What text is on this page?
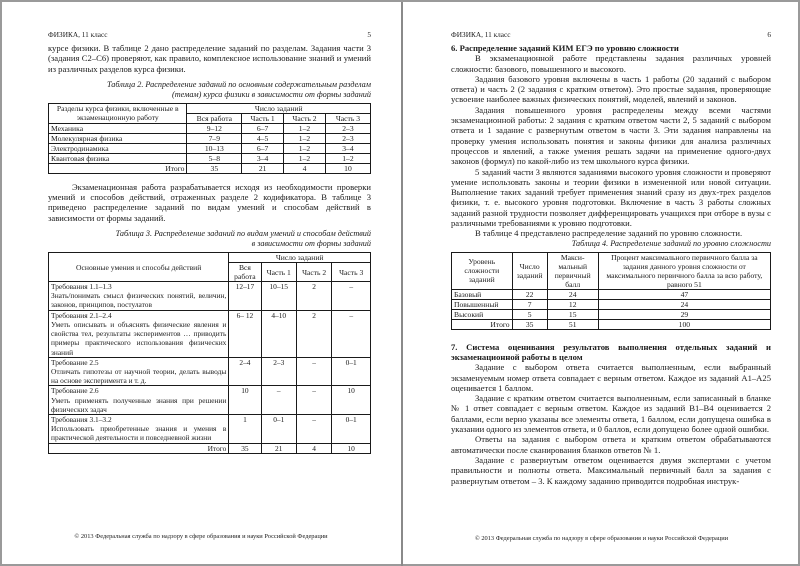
ФИЗИКА, 11 класс	5

курсе физики. В таблице 2 дано распределение заданий по разделам. Задания части 3 (задания С2–С6) проверяют, как правило, комплексное использование знаний и умений из различных разделов курса физики.

Таблица 2. Распределение заданий по основным содержательным разделам
(темам) курса физики в зависимости от формы заданий
Разделы курса физики, включенные в экзаменационную работу	Число заданий			
	Вся работа	Часть 1	Часть 2	Часть 3
Механика	9–12	6–7	1–2	2–3
Молекулярная физика	7–9	4–5	1–2	2–3
Электродинамика	10–13	6–7	1–2	3–4
Квантовая физика	5–8	3–4	1–2	1–2
Итого	35	21	4	10

Экзаменационная работа разрабатывается исходя из необходимости проверки умений и способов действий, отраженных разделе 2 кодификатора. В таблице 3 приведено распределение заданий по видам умений и способам действий в зависимости от формы заданий.

Таблица 3. Распределение заданий по видам умений и способам действий
в зависимости от формы заданий
Основные умения и способы действий	Число заданий			
	Вся работа	Часть 1	Часть 2	Часть 3

Требования 1.1–1.3
Знать/понимать смысл физических понятий, величин, законов, принципов, постулатов	12–17	10–15	2	–

Требования 2.1–2.4
Уметь описывать и объяснять физические явления и свойства тел, результаты экспериментов … приводить примеры практического использования физических знаний	6– 12	4–10	2	–

Требование 2.5
Отличать гипотезы от научной теории, делать выводы на основе эксперимента и т. д.	2–4	2–3	–	0–1

Требование 2.6
Уметь применять полученные знания при решении физических задач	10	–	–	10

Требования 3.1–3.2
Использовать приобретенные знания и умения в практической деятельности и повседневной жизни	1	0–1	–	0–1
Итого	35	21	4	10
© 2013 Федеральная служба по надзору в сфере образования и науки Российской Федерации
ФИЗИКА, 11 класс	6
6. Распределение заданий КИМ ЕГЭ по уровню сложности

В экзаменационной работе представлены задания различных уровней сложности: базового, повышенного и высокого.

Задания базового уровня включены в часть 1 работы (20 заданий с выбором ответа) и часть 2 (2 задания с кратким ответом). Это простые задания, проверяющие усвоение наиболее важных физических понятий, моделей, явлений и законов.

Задания повышенного уровня распределены между всеми частями экзаменационной работы: 2 задания с кратким ответом части 2, 5 заданий с выбором ответа и 1 задание с развернутым ответом в части 3. Эти задания направлены на проверку умения использовать понятия и законы физики для анализа различных процессов и явлений, а также умения решать задачи на применение одного-двух законов (формул) по какой-либо из тем школьного курса физики.

5 заданий части 3 являются заданиями высокого уровня сложности и проверяют умение использовать законы и теории физики в измененной или новой ситуации. Выполнение таких заданий требует применения знаний сразу из двух-трех разделов физики, т. е. высокого уровня подготовки. Включение в часть 3 работы сложных заданий разной трудности позволяет дифференцировать учащихся при отборе в вузы с различными требованиями к уровню подготовки.

В таблице 4 представлено распределение заданий по уровню сложности.

Таблица 4. Распределение заданий по уровню сложности
Уровень сложности заданий	Число заданий	Макси-мальный первичный балл	Процент максимального первичного балла за задания данного уровня сложности от максимального первичного балла за всю работу, равного 51
Базовый	22	24	47
Повышенный	7	12	24
Высокий	5	15	29
Итого	35	51	100
7. Система оценивания результатов выполнения отдельных заданий и экзаменационной работы в целом

Задание с выбором ответа считается выполненным, если выбранный экзаменуемым номер ответа совпадает с верным ответом. Каждое из заданий А1–А25 оценивается 1 баллом.

Задание с кратким ответом считается выполненным, если записанный в бланке № 1 ответ совпадает с верным ответом. Каждое из заданий В1–В4 оценивается 2 баллами, если верно указаны все элементы ответа, 1 баллом, если допущена ошибка в указании одного из элементов ответа, и 0 баллов, если допущено более одной ошибки.

Ответы на задания с выбором ответа и кратким ответом обрабатываются автоматически после сканирования бланков ответов № 1.

Задание с развернутым ответом оценивается двумя экспертами с учетом правильности и полноты ответа. Максимальный первичный балл за задания с развернутым ответом – 3. К каждому заданию приводится подробная инструк-

© 2013 Федеральная служба по надзору в сфере образования и науки Российской Федерации
